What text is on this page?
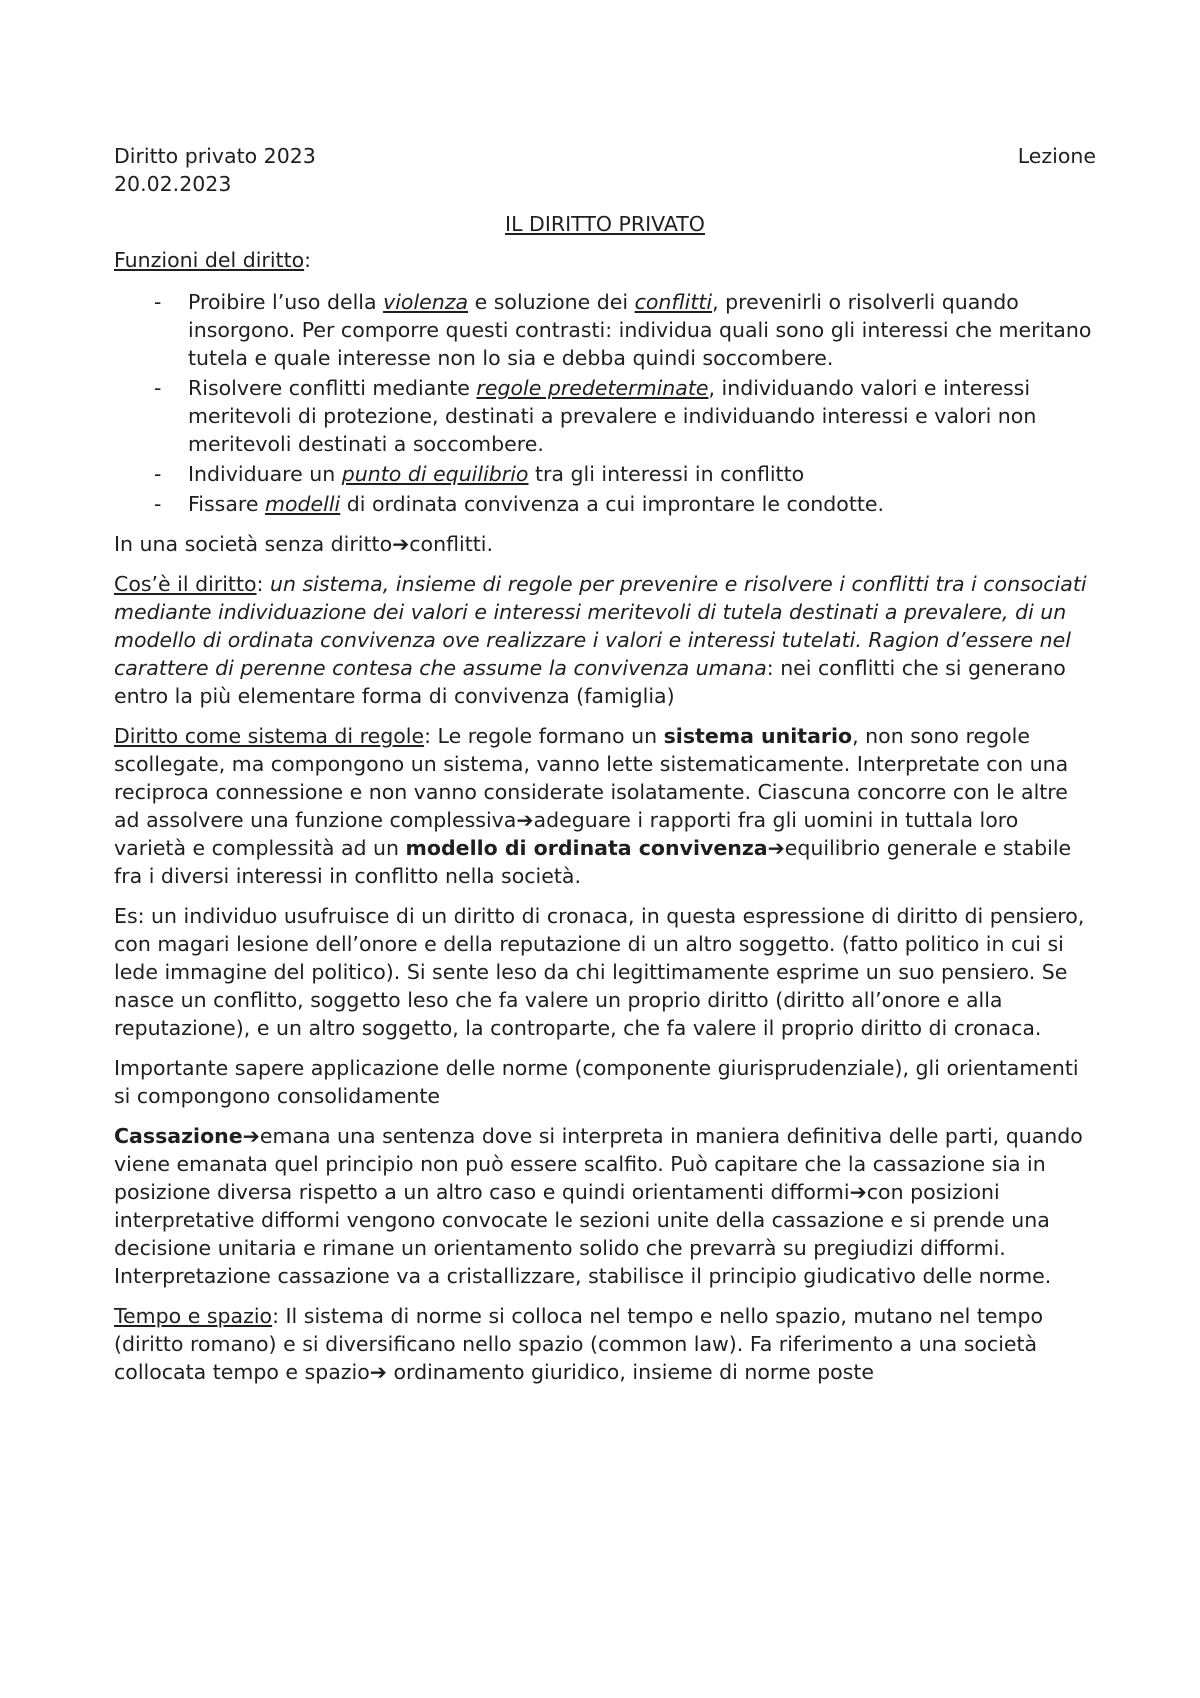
Diritto privato 2023	Lezione
20.02.2023
IL DIRITTO PRIVATO

Funzioni del diritto:

- Proibire l’uso della violenza e soluzione dei conflitti, prevenirli o risolverli quando insorgono. Per comporre questi contrasti: individua quali sono gli interessi che meritano tutela e quale interesse non lo sia e debba quindi soccombere.
- Risolvere conflitti mediante regole predeterminate, individuando valori e interessi meritevoli di protezione, destinati a prevalere e individuando interessi e valori non meritevoli destinati a soccombere.
- Individuare un punto di equilibrio tra gli interessi in conflitto
- Fissare modelli di ordinata convivenza a cui improntare le condotte.

In una società senza diritto➔conflitti.

Cos’è il diritto: un sistema, insieme di regole per prevenire e risolvere i conflitti tra i consociati mediante individuazione dei valori e interessi meritevoli di tutela destinati a prevalere, di un modello di ordinata convivenza ove realizzare i valori e interessi tutelati. Ragion d’essere nel carattere di perenne contesa che assume la convivenza umana: nei conflitti che si generano entro la più elementare forma di convivenza (famiglia)

Diritto come sistema di regole: Le regole formano un sistema unitario, non sono regole scollegate, ma compongono un sistema, vanno lette sistematicamente. Interpretate con una reciproca connessione e non vanno considerate isolatamente. Ciascuna concorre con le altre ad assolvere una funzione complessiva➔adeguare i rapporti fra gli uomini in tuttala loro varietà e complessità ad un modello di ordinata convivenza➔equilibrio generale e stabile fra i diversi interessi in conflitto nella società.

Es: un individuo usufruisce di un diritto di cronaca, in questa espressione di diritto di pensiero, con magari lesione dell’onore e della reputazione di un altro soggetto. (fatto politico in cui si lede immagine del politico). Si sente leso da chi legittimamente esprime un suo pensiero. Se nasce un conflitto, soggetto leso che fa valere un proprio diritto (diritto all’onore e alla reputazione), e un altro soggetto, la controparte, che fa valere il proprio diritto di cronaca.

Importante sapere applicazione delle norme (componente giurisprudenziale), gli orientamenti si compongono consolidamente

Cassazione➔emana una sentenza dove si interpreta in maniera definitiva delle parti, quando viene emanata quel principio non può essere scalfito. Può capitare che la cassazione sia in posizione diversa rispetto a un altro caso e quindi orientamenti difformi➔con posizioni interpretative difformi vengono convocate le sezioni unite della cassazione e si prende una decisione unitaria e rimane un orientamento solido che prevarrà su pregiudizi difformi. Interpretazione cassazione va a cristallizzare, stabilisce il principio giudicativo delle norme.

Tempo e spazio: Il sistema di norme si colloca nel tempo e nello spazio, mutano nel tempo (diritto romano) e si diversificano nello spazio (common law). Fa riferimento a una società collocata tempo e spazio➔ ordinamento giuridico, insieme di norme poste
